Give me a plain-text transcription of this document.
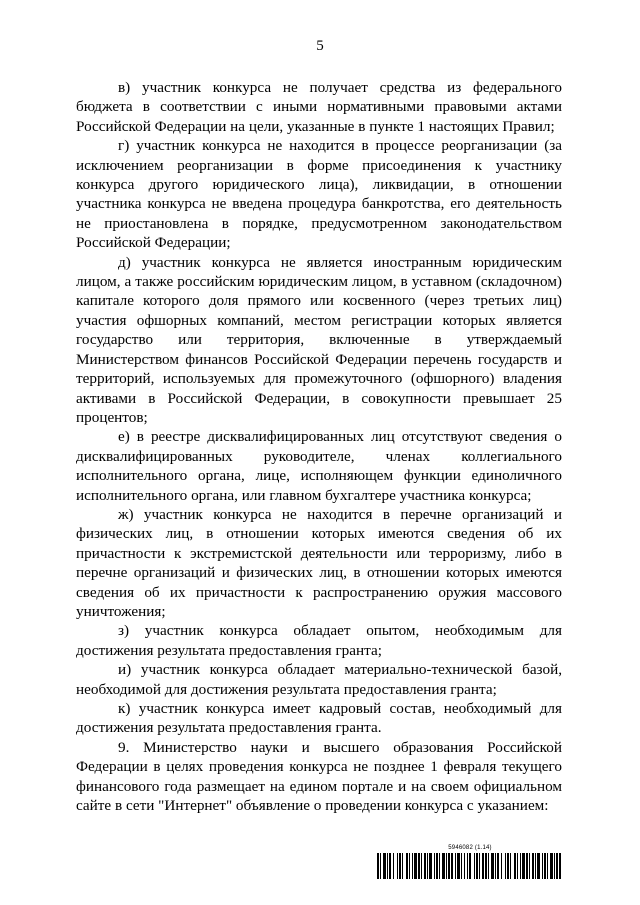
5

в) участник конкурса не получает средства из федерального бюджета в соответствии с иными нормативными правовыми актами Российской Федерации на цели, указанные в пункте 1 настоящих Правил;

г) участник конкурса не находится в процессе реорганизации (за исключением реорганизации в форме присоединения к участнику конкурса другого юридического лица), ликвидации, в отношении участника конкурса не введена процедура банкротства, его деятельность не приостановлена в порядке, предусмотренном законодательством Российской Федерации;

д) участник конкурса не является иностранным юридическим лицом, а также российским юридическим лицом, в уставном (складочном) капитале которого доля прямого или косвенного (через третьих лиц) участия офшорных компаний, местом регистрации которых является государство или территория, включенные в утверждаемый Министерством финансов Российской Федерации перечень государств и территорий, используемых для промежуточного (офшорного) владения активами в Российской Федерации, в совокупности превышает 25 процентов;

е) в реестре дисквалифицированных лиц отсутствуют сведения о дисквалифицированных руководителе, членах коллегиального исполнительного органа, лице, исполняющем функции единоличного исполнительного органа, или главном бухгалтере участника конкурса;

ж) участник конкурса не находится в перечне организаций и физических лиц, в отношении которых имеются сведения об их причастности к экстремистской деятельности или терроризму, либо в перечне организаций и физических лиц, в отношении которых имеются сведения об их причастности к распространению оружия массового уничтожения;

з) участник конкурса обладает опытом, необходимым для достижения результата предоставления гранта;

и) участник конкурса обладает материально-технической базой, необходимой для достижения результата предоставления гранта;

к) участник конкурса имеет кадровый состав, необходимый для достижения результата предоставления гранта.

9. Министерство науки и высшего образования Российской Федерации в целях проведения конкурса не позднее 1 февраля текущего финансового года размещает на едином портале и на своем официальном сайте в сети "Интернет" объявление о проведении конкурса с указанием:

5946082 (1.14)
